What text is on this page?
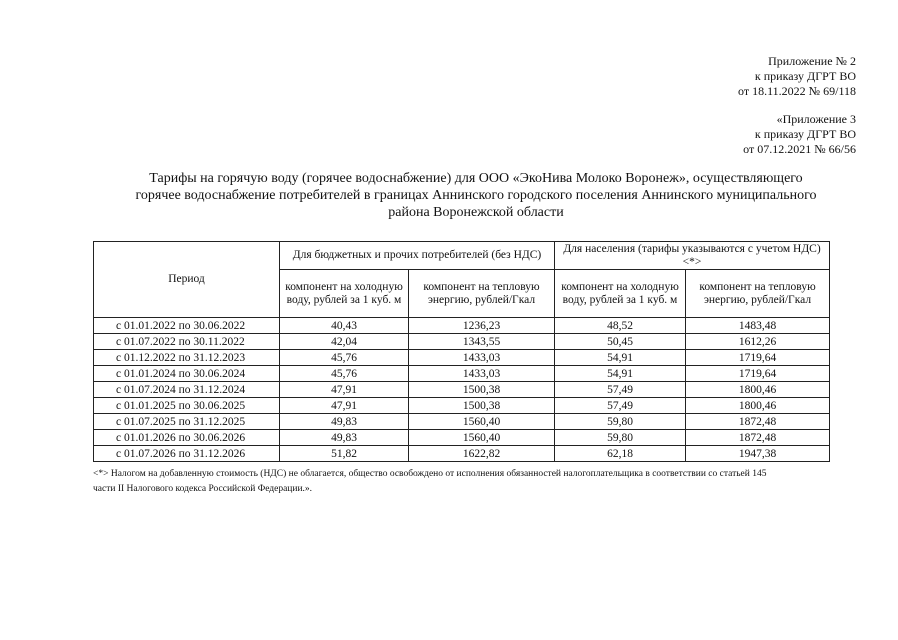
Приложение № 2
к приказу ДГРТ ВО
от 18.11.2022 № 69/118
«Приложение 3
к приказу ДГРТ ВО
от 07.12.2021 № 66/56
Тарифы на горячую воду (горячее водоснабжение) для ООО «ЭкоНива Молоко Воронеж», осуществляющего
горячее водоснабжение потребителей в границах Аннинского городского поселения Аннинского муниципального
района Воронежской области
Период	Для бюджетных и прочих потребителей (без НДС)		Для населения (тарифы указываются с учетом НДС) <*>	
	компонент на холодную воду, рублей за 1 куб. м	компонент на тепловую энергию, рублей/Гкал	компонент на холодную воду, рублей за 1 куб. м	компонент на тепловую энергию, рублей/Гкал
с 01.01.2022 по 30.06.2022	40,43	1236,23	48,52	1483,48
с 01.07.2022 по 30.11.2022	42,04	1343,55	50,45	1612,26
с 01.12.2022 по 31.12.2023	45,76	1433,03	54,91	1719,64
с 01.01.2024 по 30.06.2024	45,76	1433,03	54,91	1719,64
с 01.07.2024 по 31.12.2024	47,91	1500,38	57,49	1800,46
с 01.01.2025 по 30.06.2025	47,91	1500,38	57,49	1800,46
с 01.07.2025 по 31.12.2025	49,83	1560,40	59,80	1872,48
с 01.01.2026 по 30.06.2026	49,83	1560,40	59,80	1872,48
с 01.07.2026 по 31.12.2026	51,82	1622,82	62,18	1947,38
<*> Налогом на добавленную стоимость (НДС) не облагается, общество освобождено от исполнения обязанностей налогоплательщика в соответствии со статьей 145
части II Налогового кодекса Российской Федерации.».
